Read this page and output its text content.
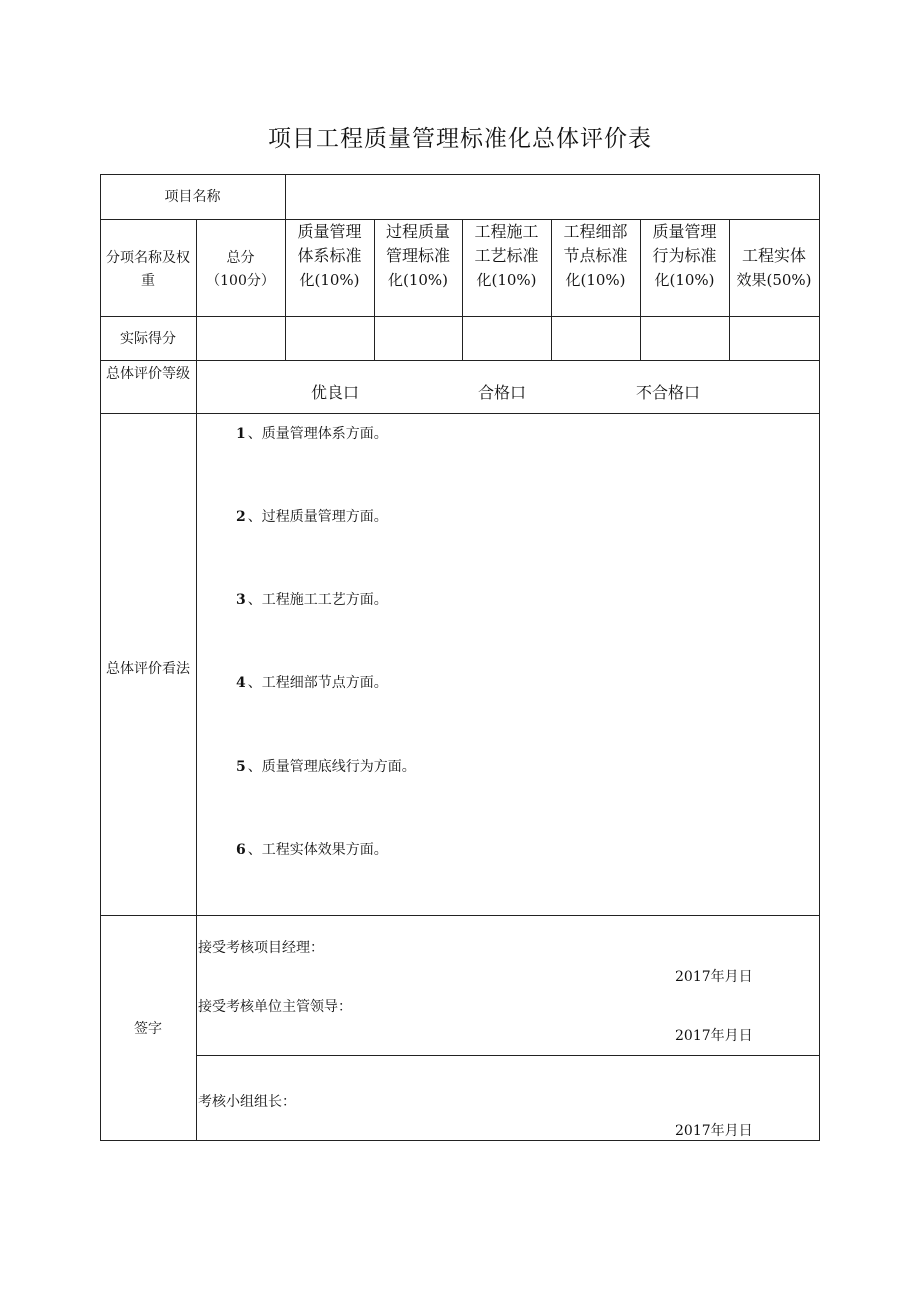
项目工程质量管理标准化总体评价表
项目名称
分项名称及权
重
总分
（100分）
质量管理
体系标准
化(10%)
过程质量
管理标准
化(10%)
工程施工
工艺标准
化(10%)
工程细部
节点标准
化(10%)
质量管理
行为标准
化(10%)
工程实体
效果(50%)
实际得分
总体评价等级
优良口	合格口	不合格口
总体评价看法
1 、质量管理体系方面。
2 、过程质量管理方面。
3 、工程施工工艺方面。
4 、工程细部节点方面。
5 、质量管理底线行为方面。
6 、工程实体效果方面。
签字
接受考核项目经理：
2017年月日
接受考核单位主管领导：
2017年月日
考核小组组长：
2017年月日
